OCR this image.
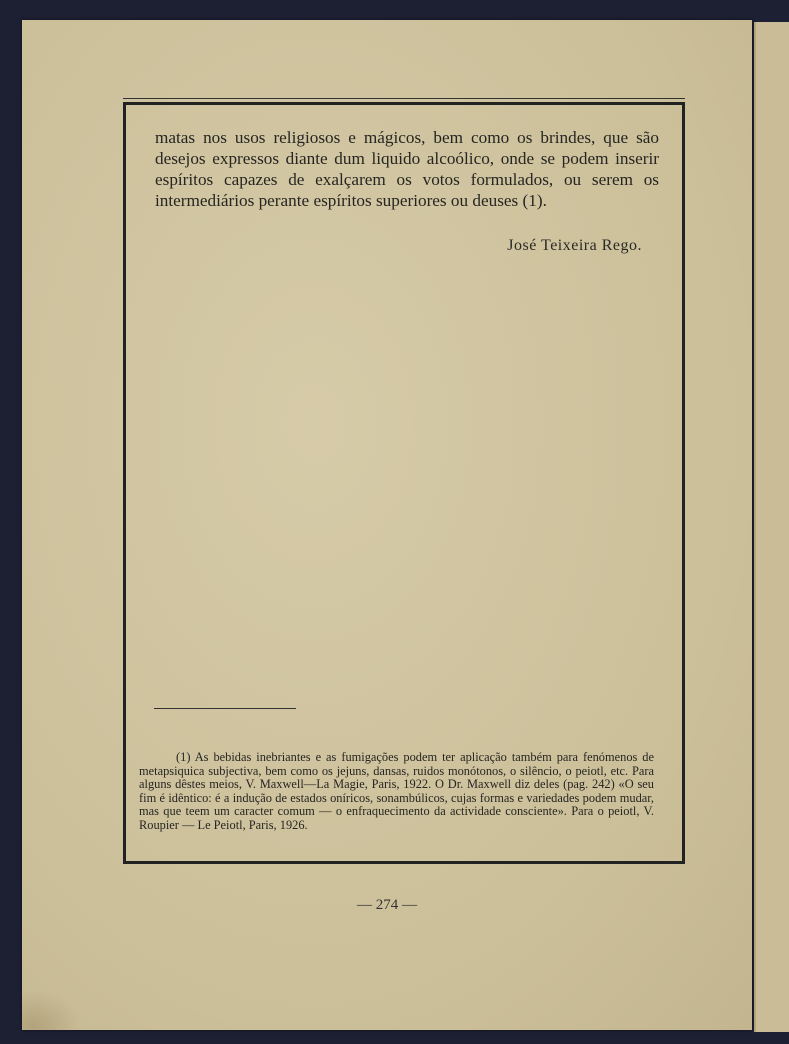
matas nos usos religiosos e mágicos, bem como os brindes, que são desejos expressos diante dum liquido alcoólico, onde se podem inserir espíritos capazes de exalçarem os votos formulados, ou serem os intermediários perante espíritos superiores ou deuses (1).
José Teixeira Rego.
(1) As bebidas inebriantes e as fumigações podem ter aplicação também para fenómenos de metapsiquica subjectiva, bem como os jejuns, dansas, ruidos monótonos, o silêncio, o peiotl, etc. Para alguns dêstes meios, V. Maxwell—La Magie, Paris, 1922. O Dr. Maxwell diz deles (pag. 242) «O seu fim é idêntico: é a indução de estados oníricos, sonambúlicos, cujas formas e variedades podem mudar, mas que teem um caracter comum — o enfraquecimento da actividade consciente». Para o peiotl, V. Roupier — Le Peiotl, Paris, 1926.
— 274 —
